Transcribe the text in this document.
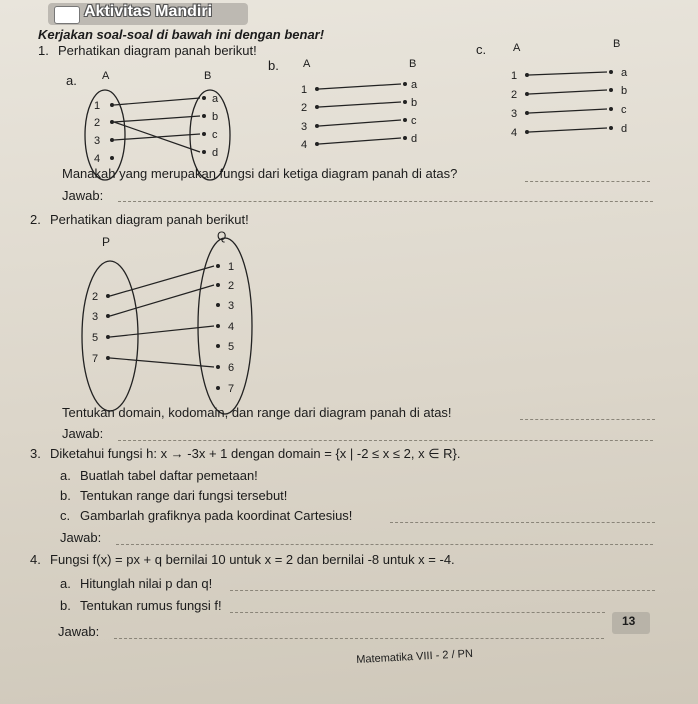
Aktivitas Mandiri
Kerjakan soal-soal di bawah ini dengan benar!
1. Perhatikan diagram panah berikut!
a. A	B
1
2
3
4
a
b
c
d
b. A	B
1
2
3
4
a
b
c
d
c. A	B
1
2
3
4
a
b
c
d
Manakah yang merupakan fungsi dari ketiga diagram panah di atas?
Jawab:
2. Perhatikan diagram panah berikut!
P	Q
2
3
5
7
1
2
3
4
5
6
7
Tentukan domain, kodomain, dan range dari diagram panah di atas!
Jawab:
3. Diketahui fungsi h: x → -3x + 1 dengan domain = {x | -2 ≤ x ≤ 2, x ∈ R}.
a. Buatlah tabel daftar pemetaan!
b. Tentukan range dari fungsi tersebut!
c. Gambarlah grafiknya pada koordinat Cartesius!
Jawab:
4. Fungsi f(x) = px + q bernilai 10 untuk x = 2 dan bernilai -8 untuk x = -4.
a. Hitunglah nilai p dan q!
b. Tentukan rumus fungsi f!
Jawab:
13
Matematika VIII - 2 / PN
